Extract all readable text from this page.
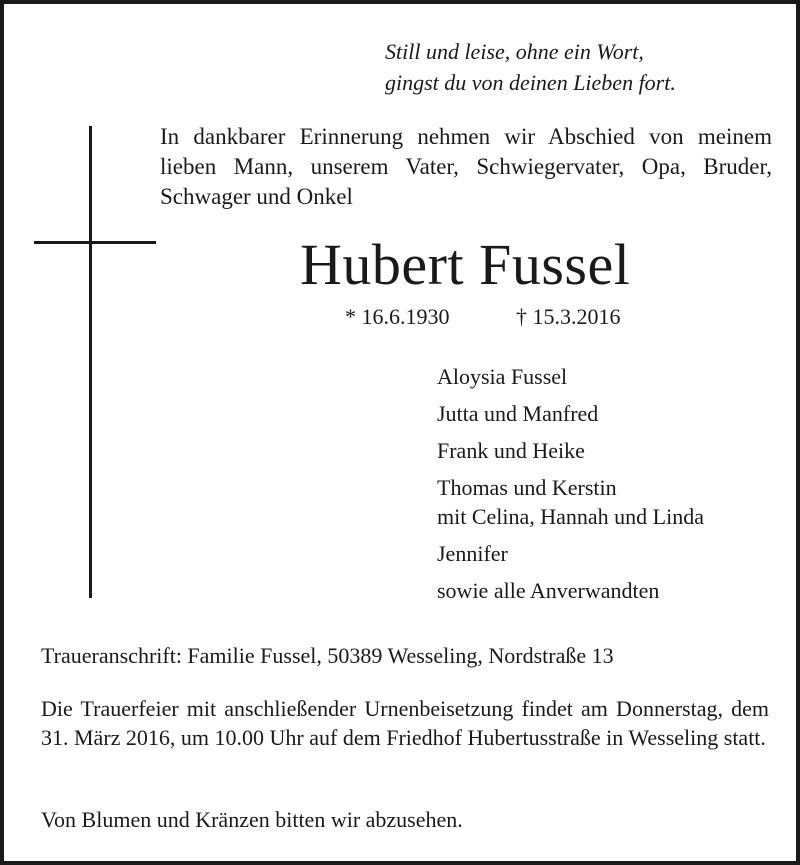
Still und leise, ohne ein Wort,
gingst du von deinen Lieben fort.
In dankbarer Erinnerung nehmen wir Abschied von meinem lieben Mann, unserem Vater, Schwiegervater, Opa, Bruder, Schwager und Onkel
Hubert Fussel
* 16.6.1930	† 15.3.2016
Aloysia Fussel
Jutta und Manfred
Frank und Heike
Thomas und Kerstin
mit Celina, Hannah und Linda
Jennifer
sowie alle Anverwandten
Traueranschrift: Familie Fussel, 50389 Wesseling, Nordstraße 13
Die Trauerfeier mit anschließender Urnenbeisetzung findet am Donnerstag, dem 31. März 2016, um 10.00 Uhr auf dem Friedhof Hubertusstraße in Wesseling statt.
Von Blumen und Kränzen bitten wir abzusehen.
